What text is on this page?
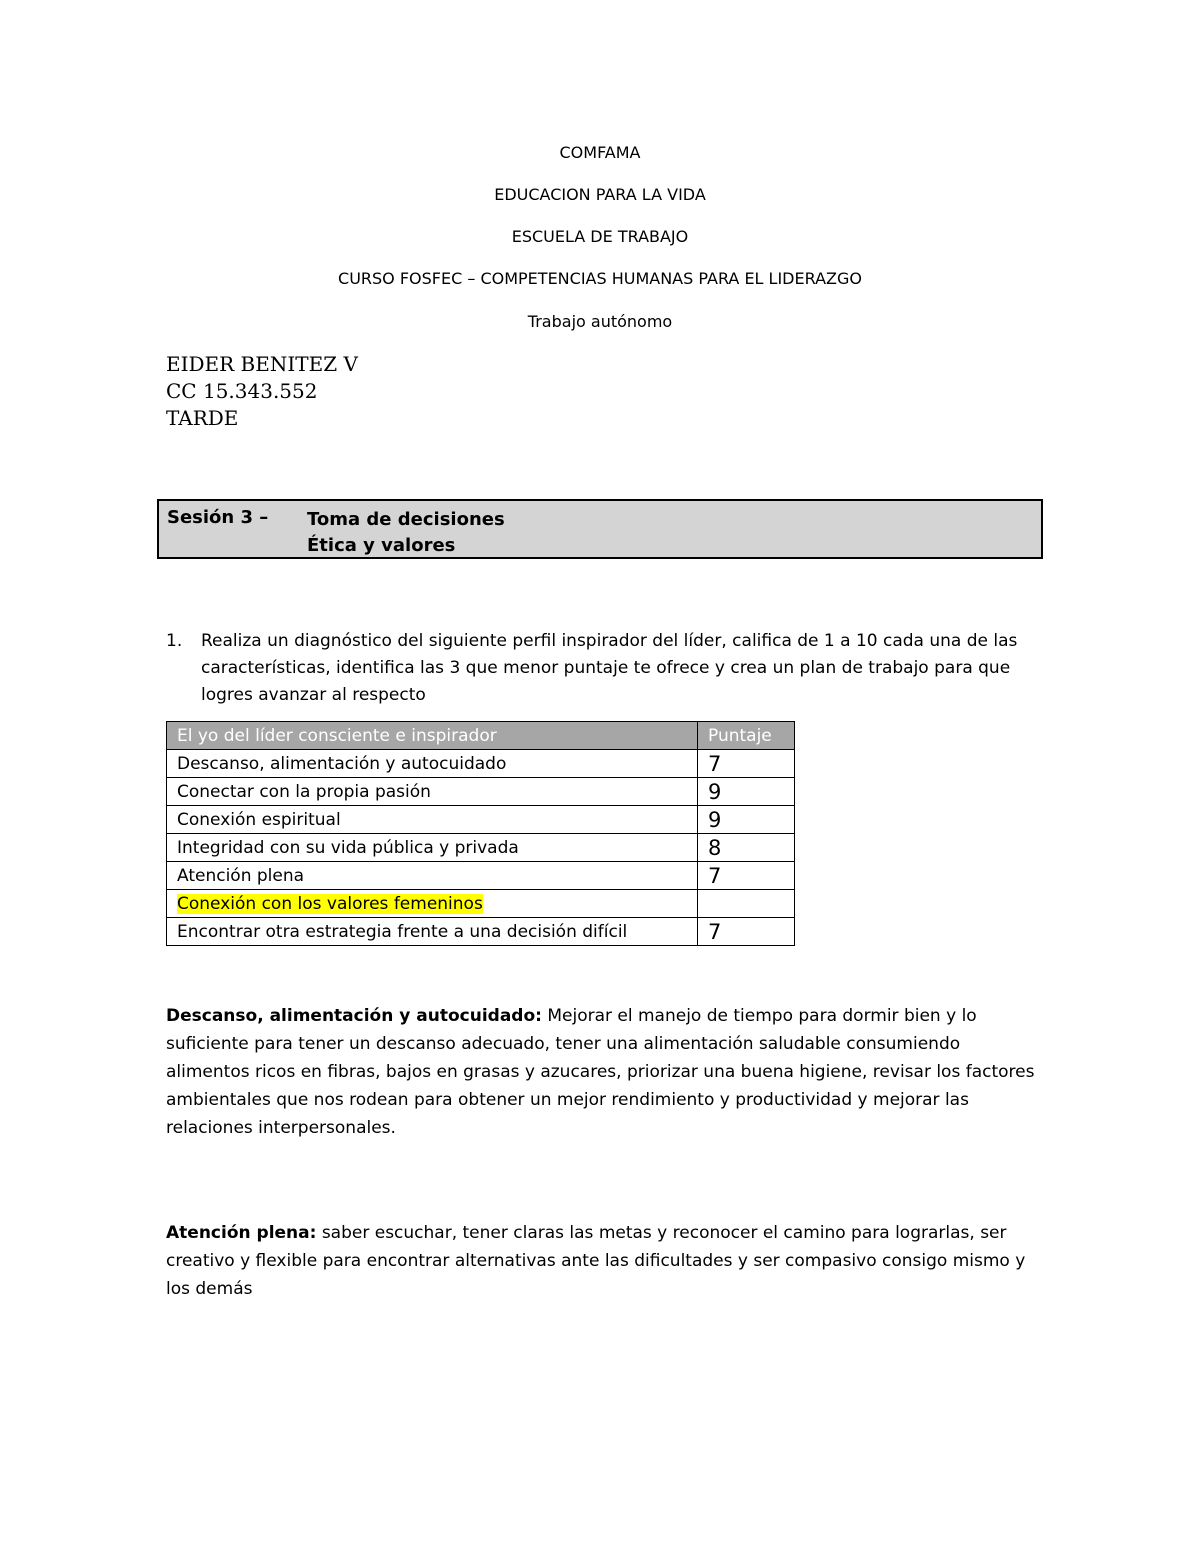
COMFAMA
EDUCACION PARA LA VIDA
ESCUELA DE TRABAJO
CURSO FOSFEC – COMPETENCIAS HUMANAS PARA EL LIDERAZGO
Trabajo autónomo
EIDER BENITEZ V
CC 15.343.552
TARDE
Sesión 3 – Toma de decisiones
Ética y valores
1. Realiza un diagnóstico del siguiente perfil inspirador del líder, califica de 1 a 10 cada una de las características, identifica las 3 que menor puntaje te ofrece y crea un plan de trabajo para que logres avanzar al respecto
El yo del líder consciente e inspirador	Puntaje
Descanso, alimentación y autocuidado	7
Conectar con la propia pasión	9
Conexión espiritual	9
Integridad con su vida pública y privada	8
Atención plena	7
Conexión con los valores femeninos	
Encontrar otra estrategia frente a una decisión difícil	7
Descanso, alimentación y autocuidado: Mejorar el manejo de tiempo para dormir bien y lo suficiente para tener un descanso adecuado, tener una alimentación saludable consumiendo alimentos ricos en fibras, bajos en grasas y azucares, priorizar una buena higiene, revisar los factores ambientales que nos rodean para obtener un mejor rendimiento y productividad y mejorar las relaciones interpersonales.
Atención plena: saber escuchar, tener claras las metas y reconocer el camino para lograrlas, ser creativo y flexible para encontrar alternativas ante las dificultades y ser compasivo consigo mismo y los demás
